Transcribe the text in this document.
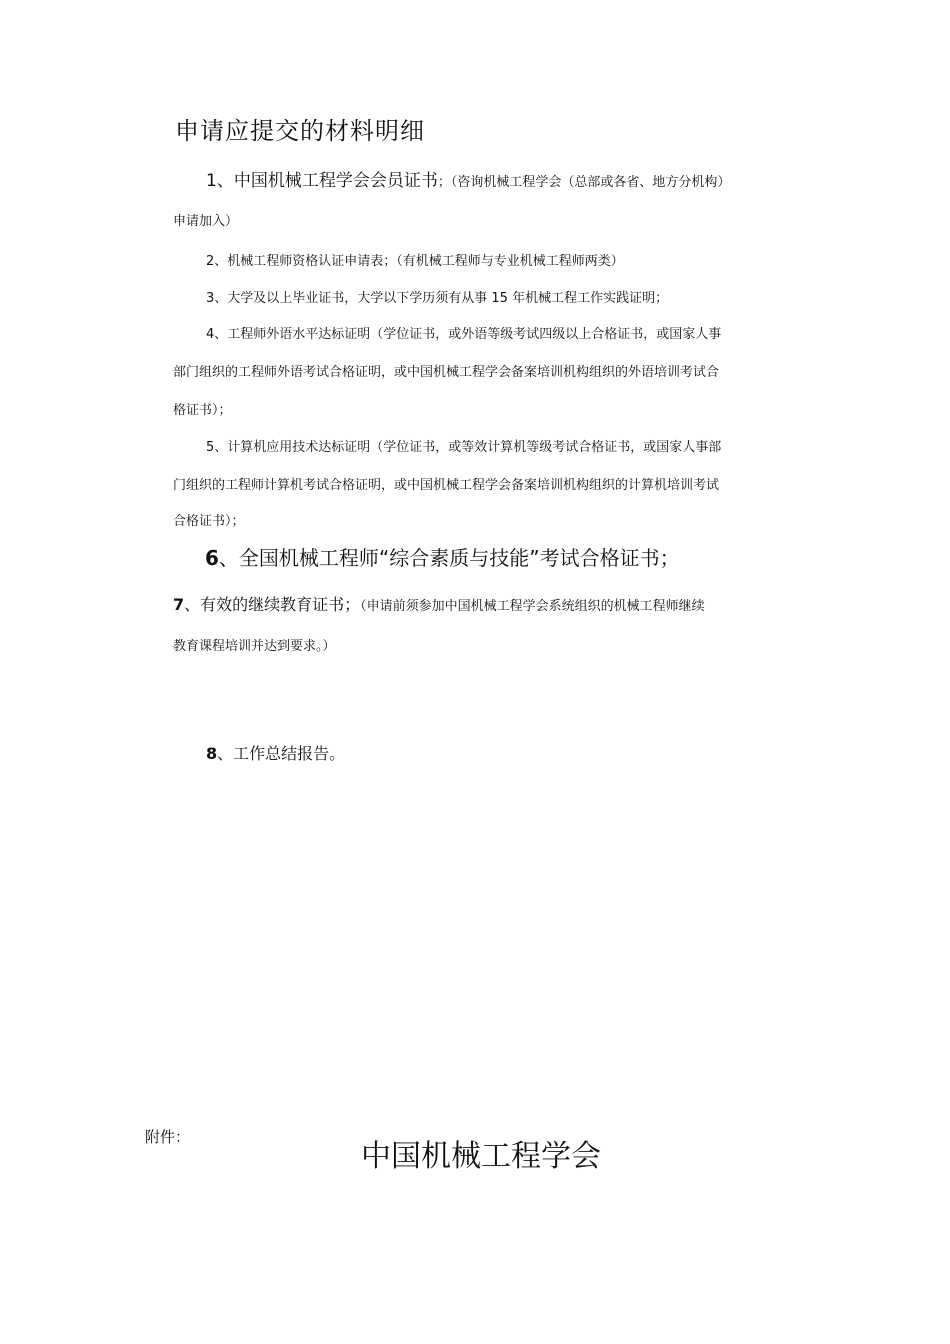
申请应提交的材料明细
1、中国机械工程学会会员证书；（咨询机械工程学会（总部或各省、地方分机构）
申请加入）
2、机械工程师资格认证申请表；（有机械工程师与专业机械工程师两类）
3、大学及以上毕业证书，大学以下学历须有从事 15 年机械工程工作实践证明；
4、工程师外语水平达标证明（学位证书，或外语等级考试四级以上合格证书，或国家人事
部门组织的工程师外语考试合格证明，或中国机械工程学会备案培训机构组织的外语培训考试合
格证书）；
5、计算机应用技术达标证明（学位证书，或等效计算机等级考试合格证书，或国家人事部
门组织的工程师计算机考试合格证明，或中国机械工程学会备案培训机构组织的计算机培训考试
合格证书）；
6、全国机械工程师“综合素质与技能”考试合格证书；
7、有效的继续教育证书；（申请前须参加中国机械工程学会系统组织的机械工程师继续
教育课程培训并达到要求。）
8、工作总结报告。
附件：
中国机械工程学会
